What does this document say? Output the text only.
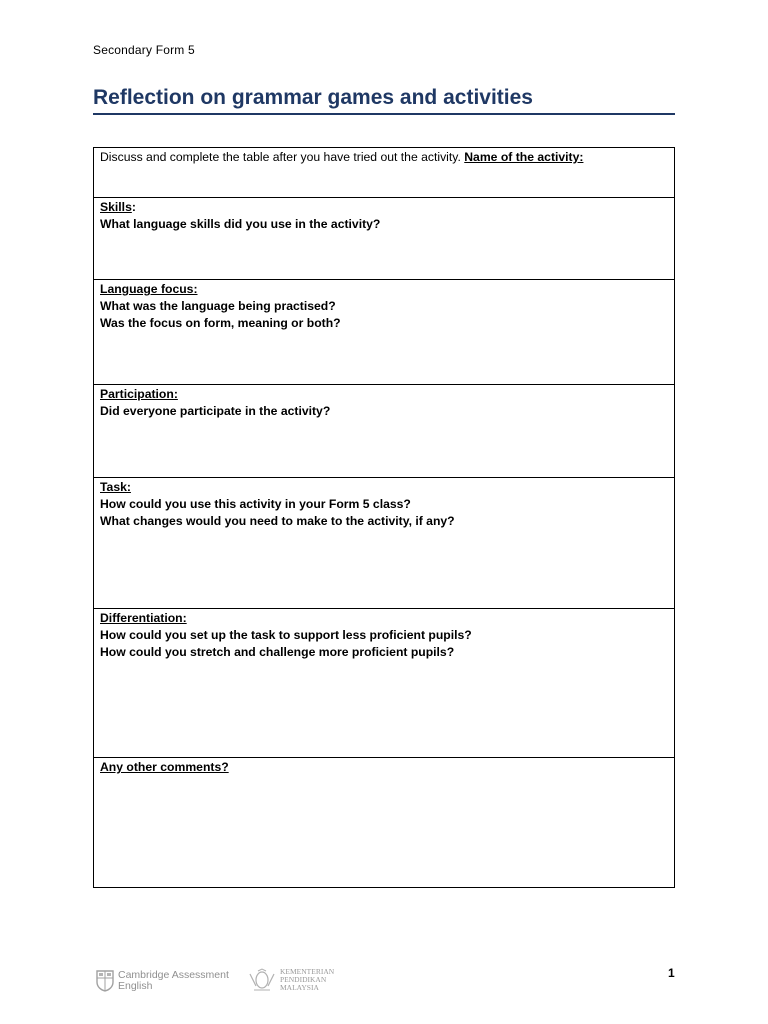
Secondary Form 5
Reflection on grammar games and activities
Discuss and complete the table after you have tried out the activity. Name of the activity:
Skills:
What language skills did you use in the activity?
Language focus:
What was the language being practised?
Was the focus on form, meaning or both?
Participation:
Did everyone participate in the activity?
Task:
How could you use this activity in your Form 5 class?
What changes would you need to make to the activity, if any?
Differentiation:
How could you set up the task to support less proficient pupils?
How could you stretch and challenge more proficient pupils?
Any other comments?
Cambridge Assessment
English
KEMENTERIAN
PENDIDIKAN
MALAYSIA
1
